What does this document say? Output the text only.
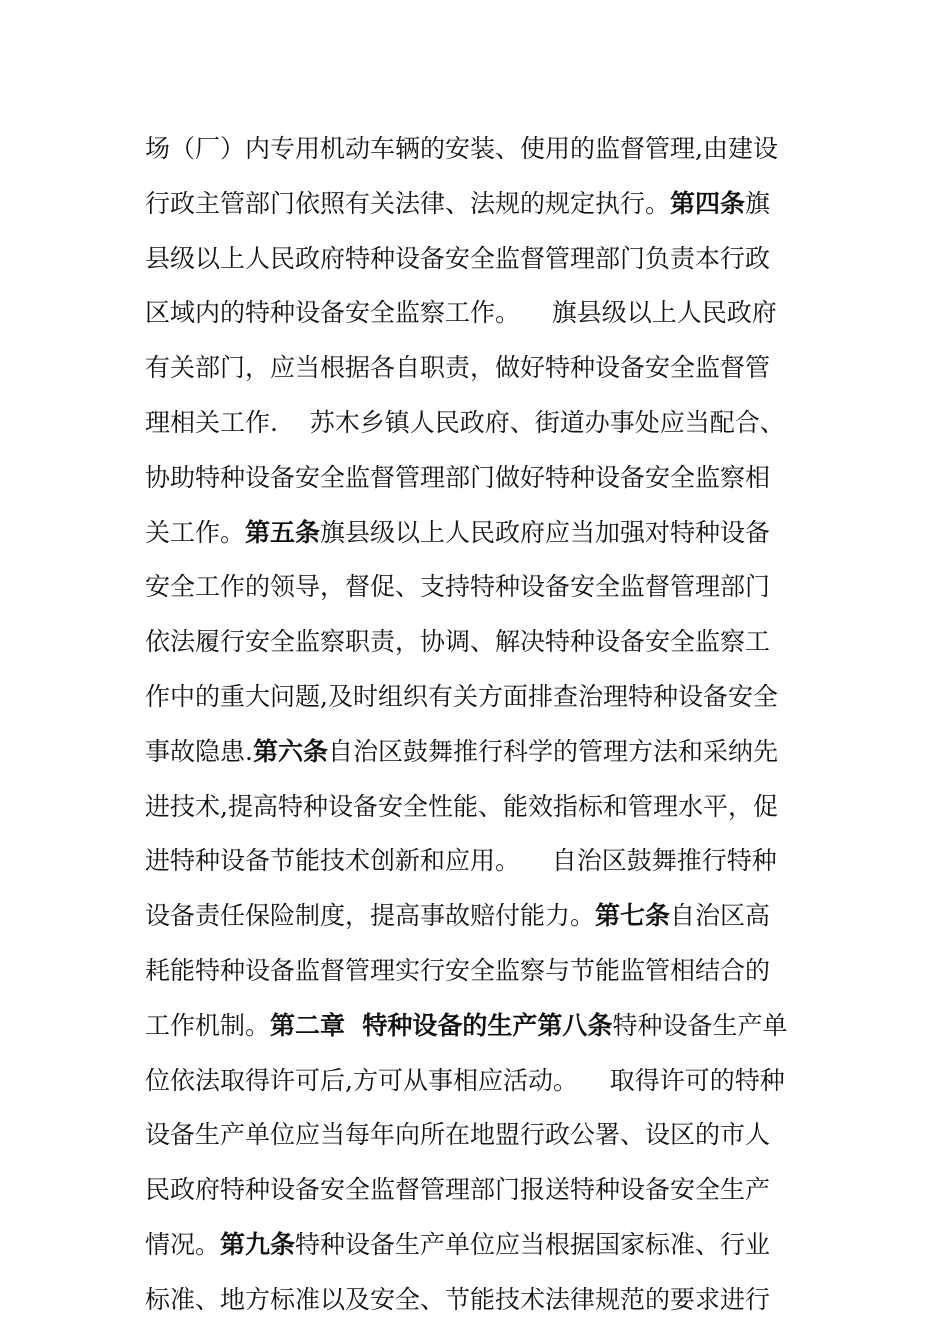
场（厂）内专用机动车辆的安装、使用的监督管理,由建设
行政主管部门依照有关法律、法规的规定执行。第四条旗
县级以上人民政府特种设备安全监督管理部门负责本行政
区域内的特种设备安全监察工作。    旗县级以上人民政府
有关部门，应当根据各自职责，做好特种设备安全监督管
理相关工作.    苏木乡镇人民政府、街道办事处应当配合、
协助特种设备安全监督管理部门做好特种设备安全监察相
关工作。第五条旗县级以上人民政府应当加强对特种设备
安全工作的领导，督促、支持特种设备安全监督管理部门
依法履行安全监察职责，协调、解决特种设备安全监察工
作中的重大问题,及时组织有关方面排查治理特种设备安全
事故隐患.第六条自治区鼓舞推行科学的管理方法和采纳先
进技术,提高特种设备安全性能、能效指标和管理水平，促
进特种设备节能技术创新和应用。    自治区鼓舞推行特种
设备责任保险制度，提高事故赔付能力。第七条自治区高
耗能特种设备监督管理实行安全监察与节能监管相结合的
工作机制。第二章  特种设备的生产第八条特种设备生产单
位依法取得许可后,方可从事相应活动。    取得许可的特种
设备生产单位应当每年向所在地盟行政公署、设区的市人
民政府特种设备安全监督管理部门报送特种设备安全生产
情况。第九条特种设备生产单位应当根据国家标准、行业
标准、地方标准以及安全、节能技术法律规范的要求进行
